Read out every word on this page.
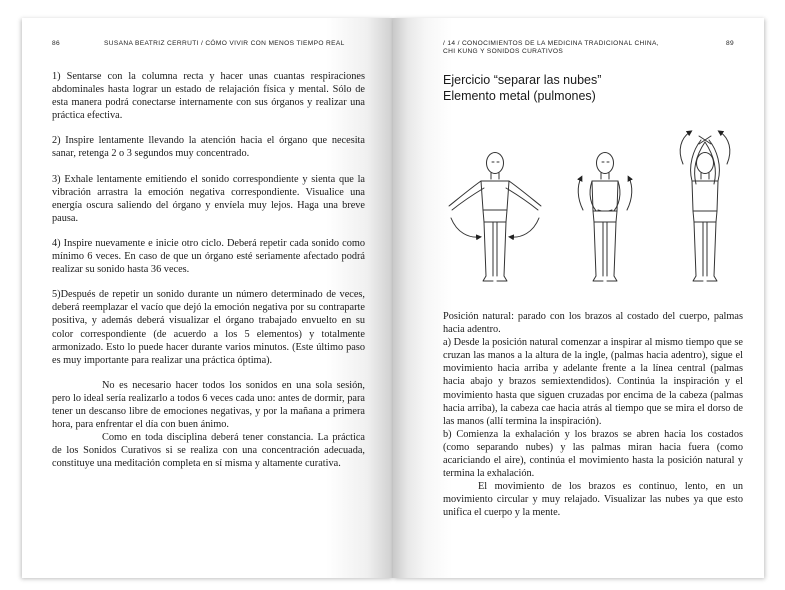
86	SUSANA BEATRIZ CERRUTI / CÓMO VIVIR CON MENOS TIEMPO REAL

1) Sentarse con la columna recta y hacer unas cuantas respiraciones abdominales hasta lograr un estado de relajación física y mental. Sólo de esta manera podrá conectarse internamente con sus órganos y realizar una práctica efectiva.

2) Inspire lentamente llevando la atención hacia el órgano que necesita sanar, retenga 2 o 3 segundos muy concentrado.

3) Exhale lentamente emitiendo el sonido correspondiente y sienta que la vibración arrastra la emoción negativa correspondiente. Visualice una energía oscura saliendo del órgano y envíela muy lejos. Haga una breve pausa.

4) Inspire nuevamente e inicie otro ciclo. Deberá repetir cada sonido como mínimo 6 veces. En caso de que un órgano esté seriamente afectado podrá realizar su sonido hasta 36 veces.

5)Después de repetir un sonido durante un número determinado de veces, deberá reemplazar el vacío que dejó la emoción negativa por su contraparte positiva, y además deberá visualizar el órgano trabajado envuelto en su color correspondiente (de acuerdo a los 5 elementos) y totalmente armonizado. Esto lo puede hacer durante varios minutos. (Este último paso es muy importante para realizar una práctica óptima).

No es necesario hacer todos los sonidos en una sola sesión, pero lo ideal sería realizarlo a todos 6 veces cada uno: antes de dormir, para tener un descanso libre de emociones negativas, y por la mañana a primera hora, para enfrentar el día con buen ánimo.

Como en toda disciplina deberá tener constancia. La práctica de los Sonidos Curativos si se realiza con una concentración adecuada, constituye una meditación completa en sí misma y altamente curativa.

/ 14 / CONOCIMIENTOS DE LA MEDICINA TRADICIONAL CHINA,
CHI KUNG Y SONIDOS CURATIVOS
89
Ejercicio “separar las nubes”
Elemento metal (pulmones)

Posición natural: parado con los brazos al costado del cuerpo, palmas hacia adentro.

a) Desde la posición natural comenzar a inspirar al mismo tiempo que se cruzan las manos a la altura de la ingle, (palmas hacia adentro), sigue el movimiento hacia arriba y adelante frente a la línea central (palmas hacia abajo y brazos semiextendidos). Continúa la inspiración y el movimiento hasta que siguen cruzadas por encima de la cabeza (palmas hacia arriba), la cabeza cae hacia atrás al tiempo que se mira el dorso de las manos (allí termina la inspiración).

b) Comienza la exhalación y los brazos se abren hacia los costados (como separando nubes) y las palmas miran hacia fuera (como acariciando el aire), continúa el movimiento hasta la posición natural y termina la exhalación.

El movimiento de los brazos es continuo, lento, en un movimiento circular y muy relajado. Visualizar las nubes ya que esto unifica el cuerpo y la mente.
